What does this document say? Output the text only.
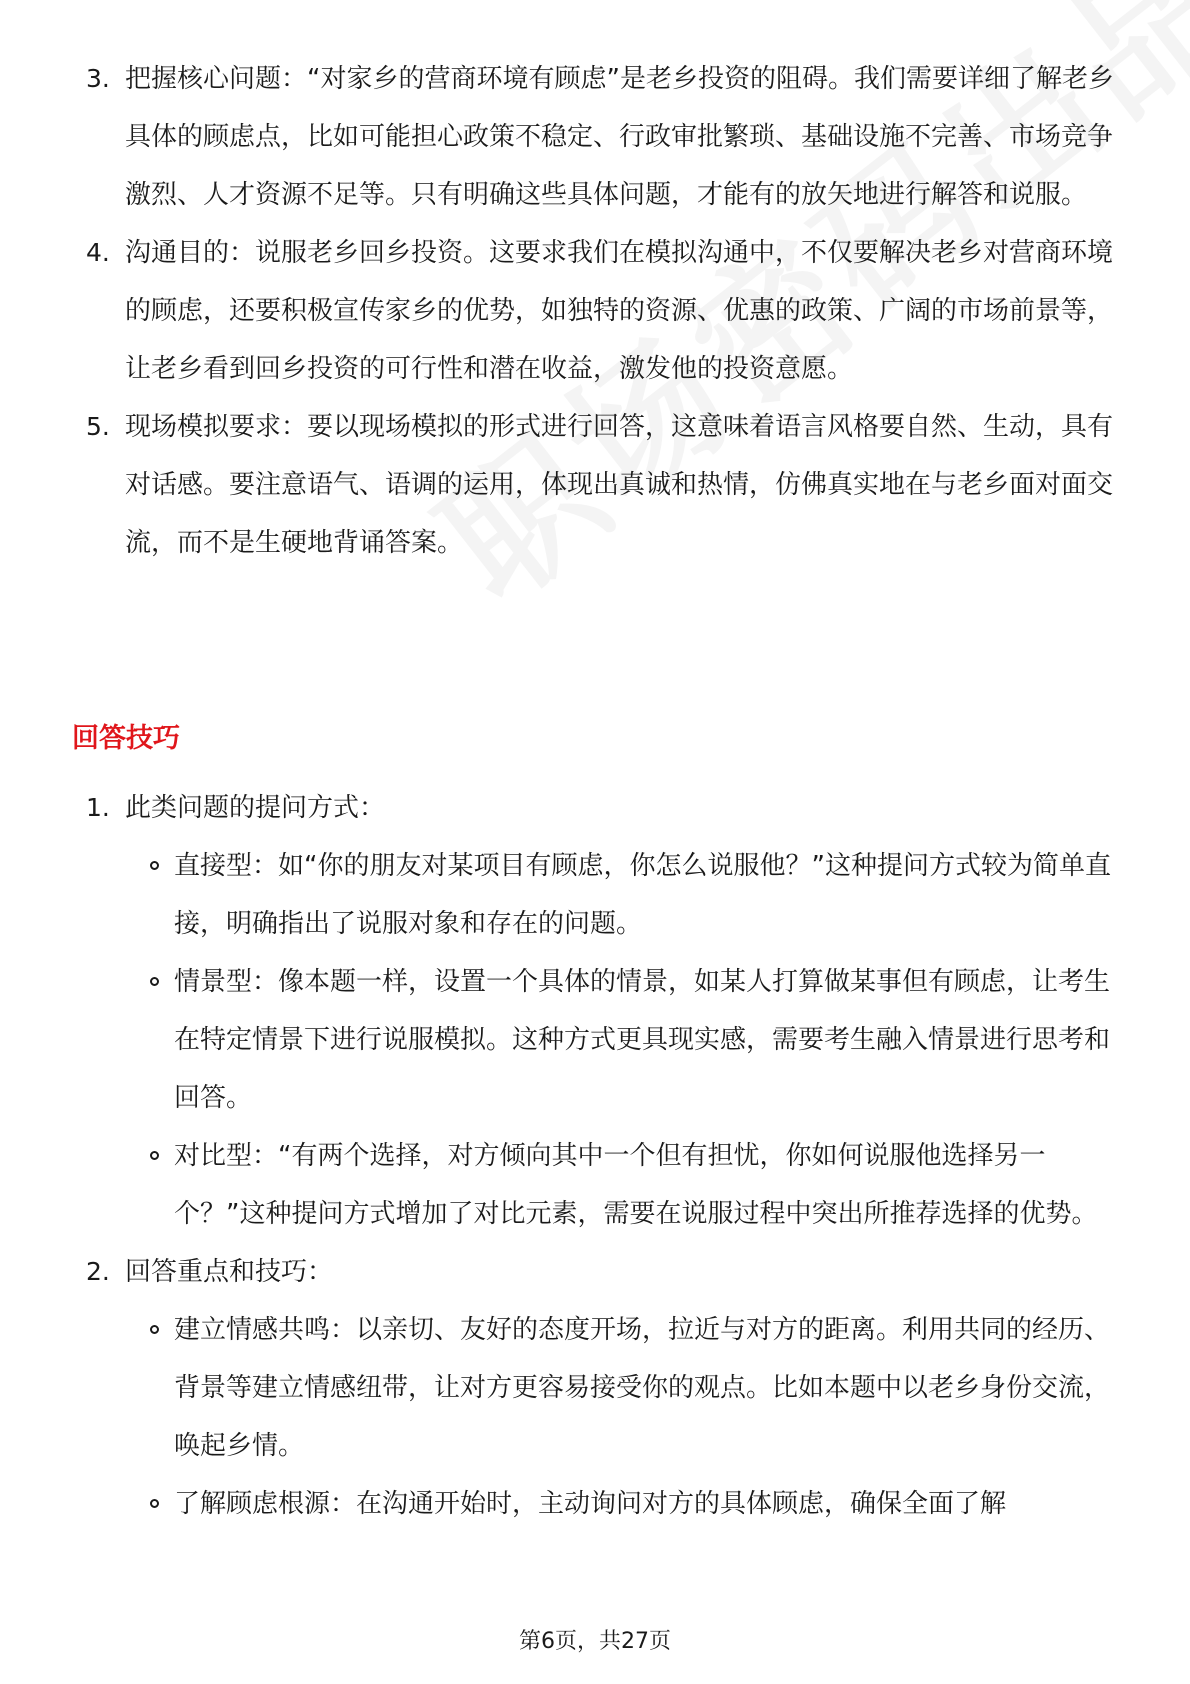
3. 把握核心问题：“对家乡的营商环境有顾虑”是老乡投资的阻碍。我们需要详细了解老乡具体的顾虑点，比如可能担心政策不稳定、行政审批繁琐、基础设施不完善、市场竞争激烈、人才资源不足等。只有明确这些具体问题，才能有的放矢地进行解答和说服。
4. 沟通目的：说服老乡回乡投资。这要求我们在模拟沟通中，不仅要解决老乡对营商环境的顾虑，还要积极宣传家乡的优势，如独特的资源、优惠的政策、广阔的市场前景等，让老乡看到回乡投资的可行性和潜在收益，激发他的投资意愿。
5. 现场模拟要求：要以现场模拟的形式进行回答，这意味着语言风格要自然、生动，具有对话感。要注意语气、语调的运用，体现出真诚和热情，仿佛真实地在与老乡面对面交流，而不是生硬地背诵答案。
回答技巧
1. 此类问题的提问方式：
直接型：如“你的朋友对某项目有顾虑，你怎么说服他？”这种提问方式较为简单直接，明确指出了说服对象和存在的问题。
情景型：像本题一样，设置一个具体的情景，如某人打算做某事但有顾虑，让考生在特定情景下进行说服模拟。这种方式更具现实感，需要考生融入情景进行思考和回答。
对比型：“有两个选择，对方倾向其中一个但有担忧，你如何说服他选择另一个？”这种提问方式增加了对比元素，需要在说服过程中突出所推荐选择的优势。
2. 回答重点和技巧：
建立情感共鸣：以亲切、友好的态度开场，拉近与对方的距离。利用共同的经历、背景等建立情感纽带，让对方更容易接受你的观点。比如本题中以老乡身份交流，唤起乡情。
了解顾虑根源：在沟通开始时，主动询问对方的具体顾虑，确保全面了解
第6页，共27页
